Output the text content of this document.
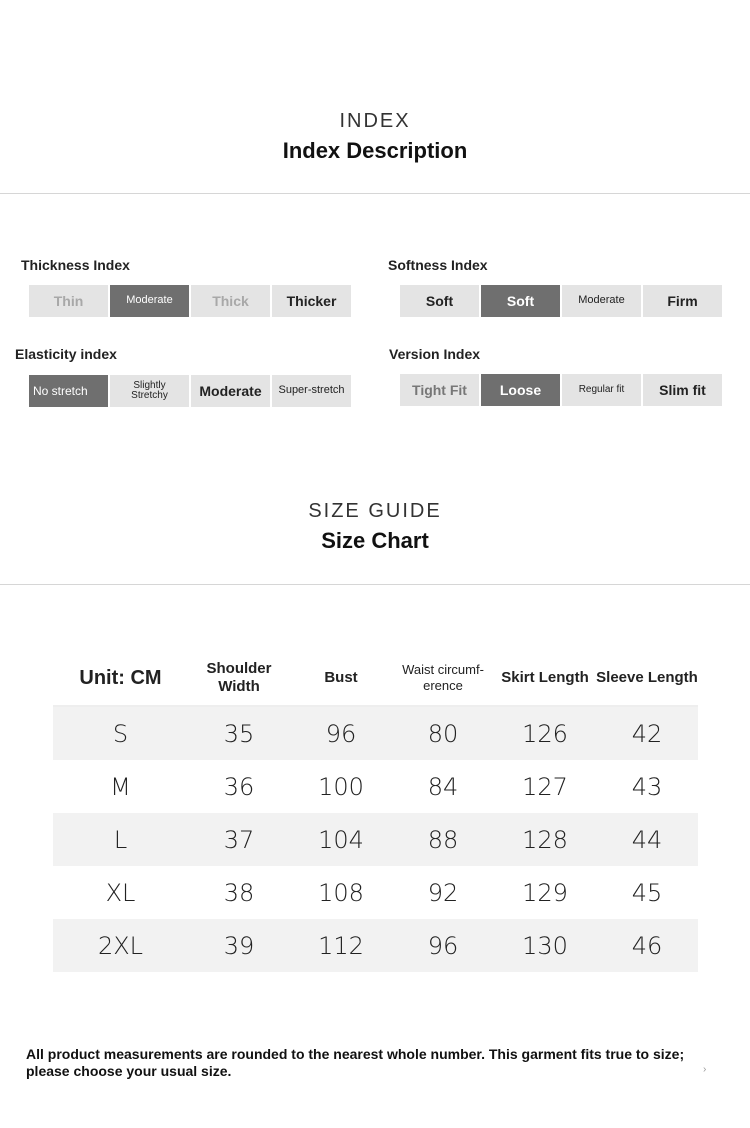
INDEX
Index Description
Thickness Index
Thin	Moderate	Thick	Thicker
Softness Index
Soft	Soft	Moderate	Firm
Elasticity index
No stretch	Slightly Stretchy	Moderate	Super-stretch
Version Index
Tight Fit	Loose	Regular fit	Slim fit
SIZE GUIDE
Size Chart
Unit: CM	Shoulder Width	Bust	Waist circumf-erence	Skirt Length	Sleeve Length
S	35	96	80	126	42
M	36	100	84	127	43
L	37	104	88	128	44
XL	38	108	92	129	45
2XL	39	112	96	130	46
All product measurements are rounded to the nearest whole number. This garment fits true to size; please choose your usual size.	›
